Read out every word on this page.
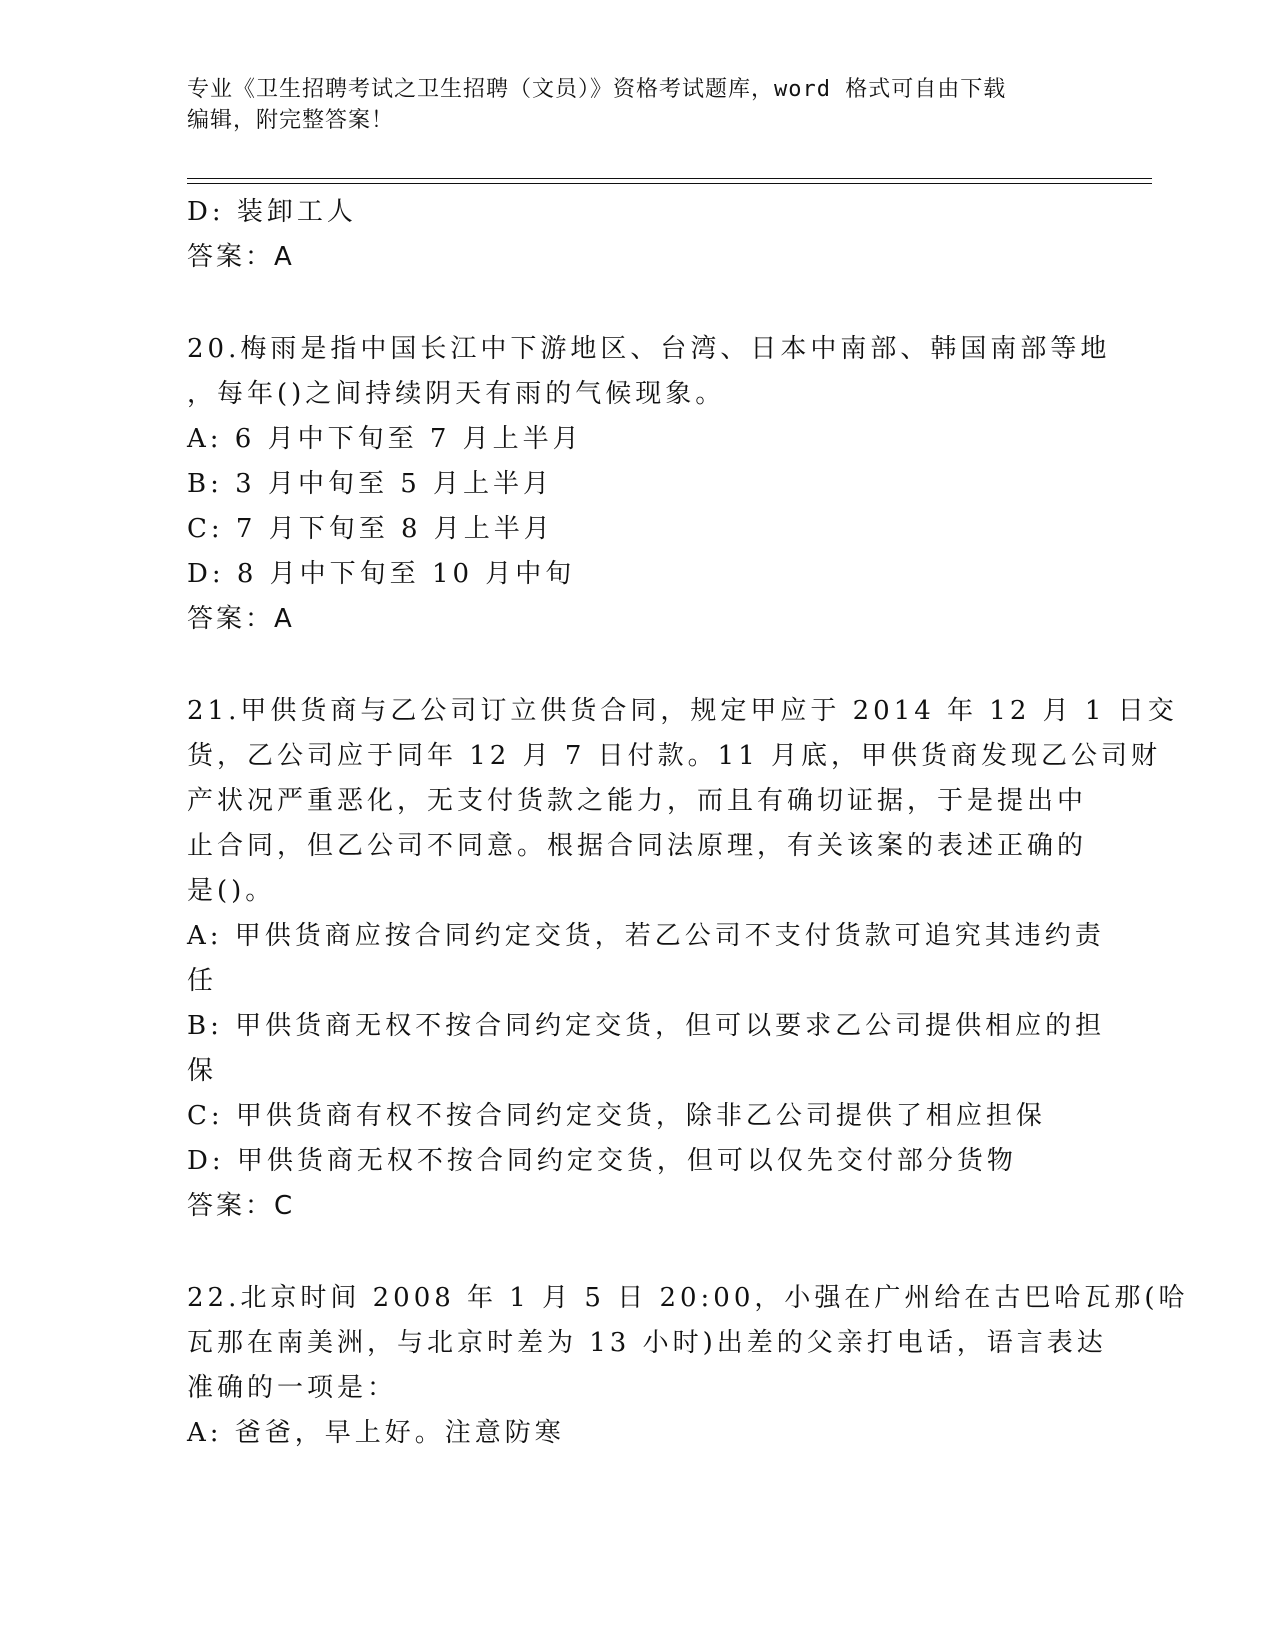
专业《卫生招聘考试之卫生招聘（文员）》资格考试题库，word 格式可自由下载
编辑，附完整答案！
D: 装卸工人
答案：A
20.梅雨是指中国长江中下游地区、台湾、日本中南部、韩国南部等地
，每年()之间持续阴天有雨的气候现象。
A: 6 月中下旬至 7 月上半月
B: 3 月中旬至 5 月上半月
C: 7 月下旬至 8 月上半月
D: 8 月中下旬至 10 月中旬
答案：A
21.甲供货商与乙公司订立供货合同，规定甲应于 2014 年 12 月 1 日交
货，乙公司应于同年 12 月 7 日付款。11 月底，甲供货商发现乙公司财
产状况严重恶化，无支付货款之能力，而且有确切证据，于是提出中
止合同，但乙公司不同意。根据合同法原理，有关该案的表述正确的
是()。
A: 甲供货商应按合同约定交货，若乙公司不支付货款可追究其违约责
任
B: 甲供货商无权不按合同约定交货，但可以要求乙公司提供相应的担
保
C: 甲供货商有权不按合同约定交货，除非乙公司提供了相应担保
D: 甲供货商无权不按合同约定交货，但可以仅先交付部分货物
答案：C
22.北京时间 2008 年 1 月 5 日 20:00，小强在广州给在古巴哈瓦那(哈
瓦那在南美洲，与北京时差为 13 小时)出差的父亲打电话，语言表达
准确的一项是：
A: 爸爸，早上好。注意防寒
